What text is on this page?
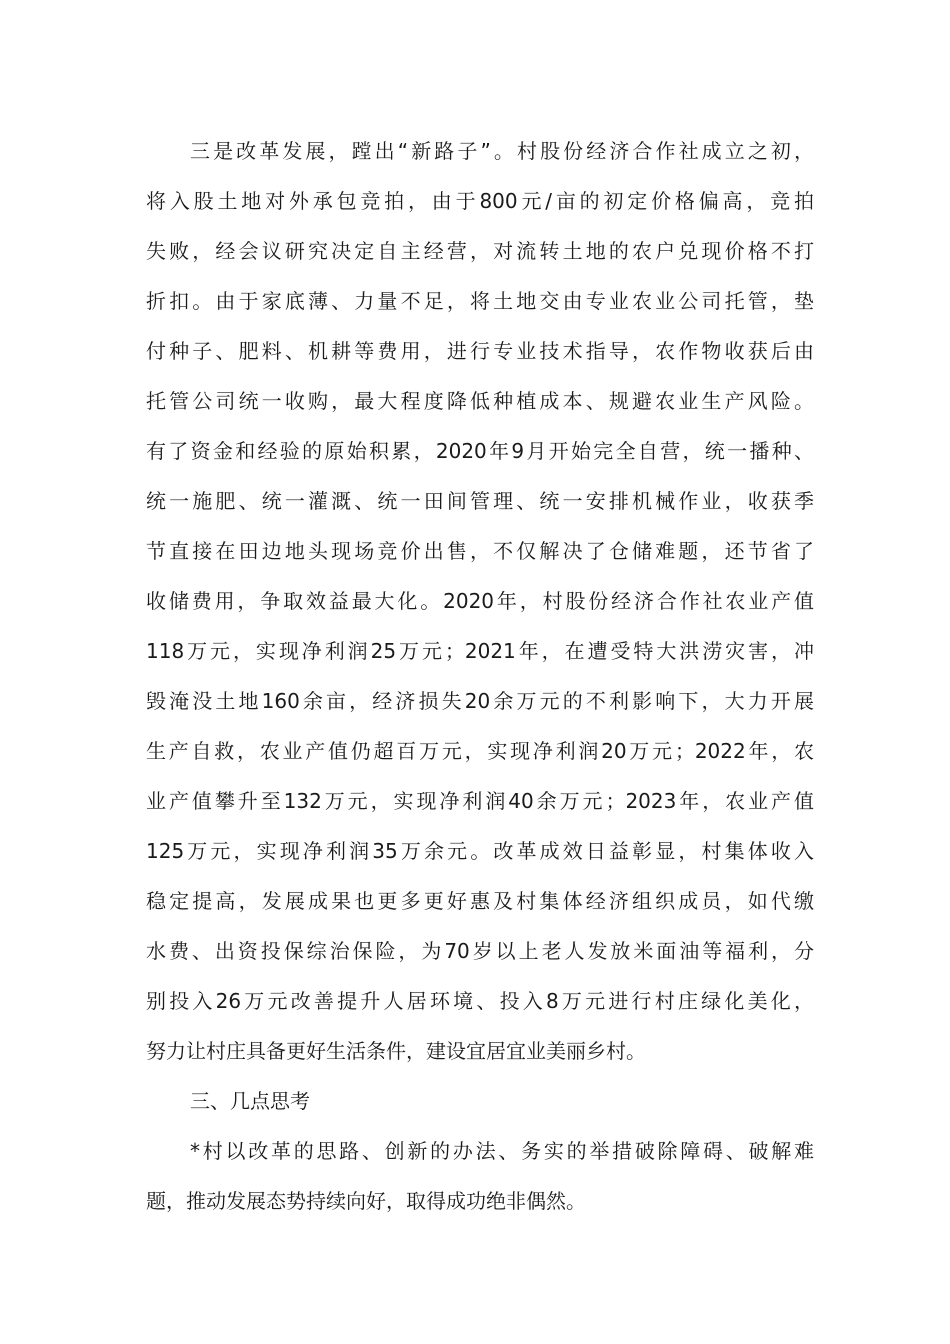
三是改革发展，蹚出“新路子”。村股份经济合作社成立之初，
将入股土地对外承包竞拍，由于800元/亩的初定价格偏高，竞拍
失败，经会议研究决定自主经营，对流转土地的农户兑现价格不打
折扣。由于家底薄、力量不足，将土地交由专业农业公司托管，垫
付种子、肥料、机耕等费用，进行专业技术指导，农作物收获后由
托管公司统一收购，最大程度降低种植成本、规避农业生产风险。
有了资金和经验的原始积累，2020年9月开始完全自营，统一播种、
统一施肥、统一灌溉、统一田间管理、统一安排机械作业，收获季
节直接在田边地头现场竞价出售，不仅解决了仓储难题，还节省了
收储费用，争取效益最大化。2020年，村股份经济合作社农业产值
118万元，实现净利润25万元；2021年，在遭受特大洪涝灾害，冲
毁淹没土地160余亩，经济损失20余万元的不利影响下，大力开展
生产自救，农业产值仍超百万元，实现净利润20万元；2022年，农
业产值攀升至132万元，实现净利润40余万元；2023年，农业产值
125万元，实现净利润35万余元。改革成效日益彰显，村集体收入
稳定提高，发展成果也更多更好惠及村集体经济组织成员，如代缴
水费、出资投保综治保险，为70岁以上老人发放米面油等福利，分
别投入26万元改善提升人居环境、投入8万元进行村庄绿化美化，
努力让村庄具备更好生活条件，建设宜居宜业美丽乡村。
三、几点思考
*村以改革的思路、创新的办法、务实的举措破除障碍、破解难
题，推动发展态势持续向好，取得成功绝非偶然。
